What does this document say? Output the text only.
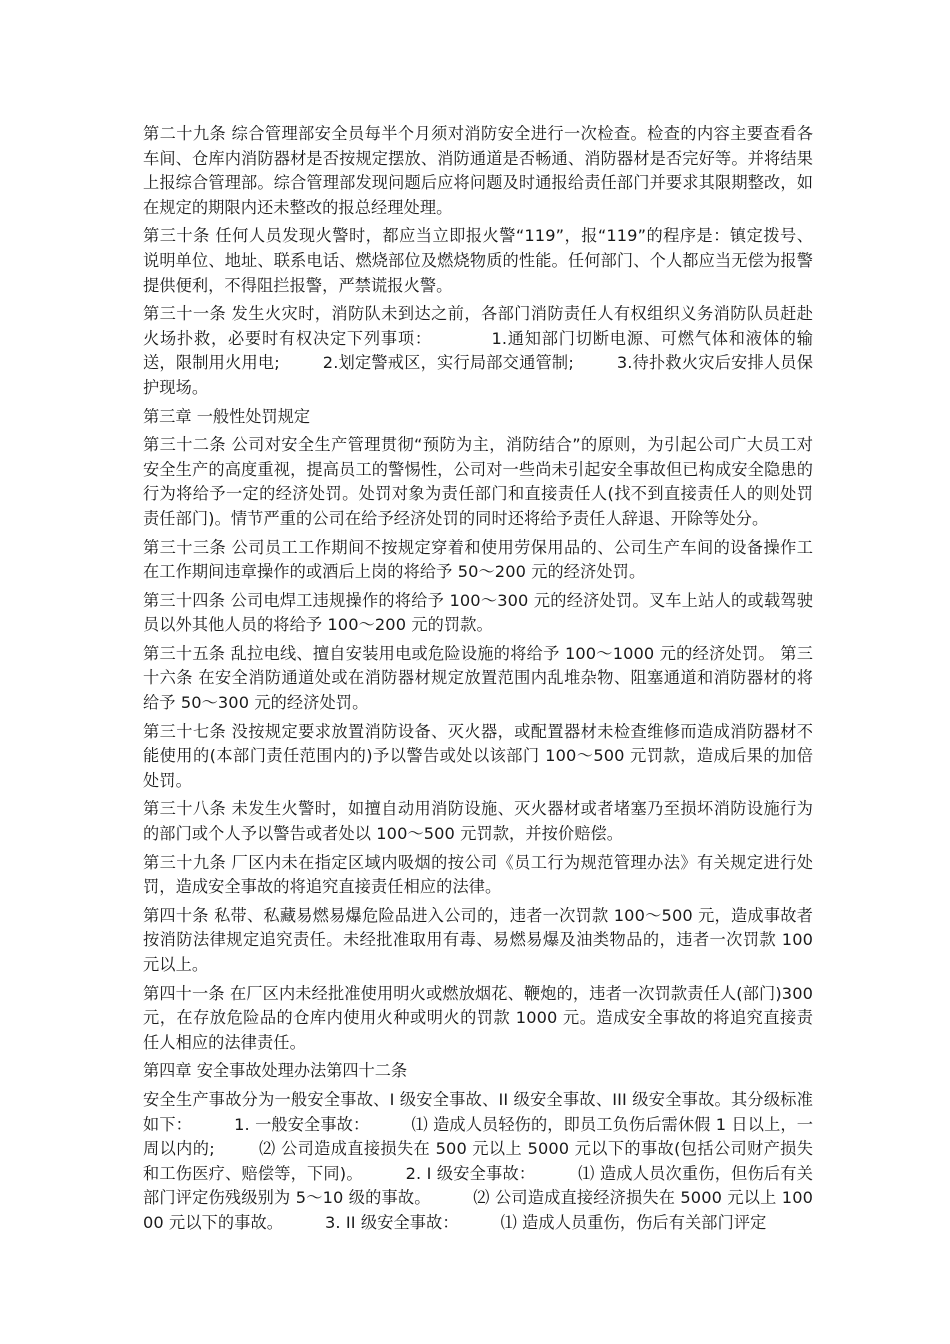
第二十九条 综合管理部安全员每半个月须对消防安全进行一次检查。检查的内容主要查看各车间、仓库内消防器材是否按规定摆放、消防通道是否畅通、消防器材是否完好等。并将结果上报综合管理部。综合管理部发现问题后应将问题及时通报给责任部门并要求其限期整改，如在规定的期限内还未整改的报总经理处理。

第三十条 任何人员发现火警时，都应当立即报火警“119”，报“119”的程序是：镇定拨号、说明单位、地址、联系电话、燃烧部位及燃烧物质的性能。任何部门、个人都应当无偿为报警提供便利，不得阻拦报警，严禁谎报火警。

第三十一条 发生火灾时，消防队未到达之前，各部门消防责任人有权组织义务消防队员赶赴火场扑救，必要时有权决定下列事项：          1.通知部门切断电源、可燃气体和液体的输送，限制用火用电;        2.划定警戒区，实行局部交通管制;        3.待扑救火灾后安排人员保护现场。

第三章 一般性处罚规定

第三十二条 公司对安全生产管理贯彻“预防为主，消防结合”的原则，为引起公司广大员工对安全生产的高度重视，提高员工的警惕性，公司对一些尚未引起安全事故但已构成安全隐患的行为将给予一定的经济处罚。处罚对象为责任部门和直接责任人(找不到直接责任人的则处罚责任部门)。情节严重的公司在给予经济处罚的同时还将给予责任人辞退、开除等处分。

第三十三条 公司员工工作期间不按规定穿着和使用劳保用品的、公司生产车间的设备操作工在工作期间违章操作的或酒后上岗的将给予 50～200 元的经济处罚。

第三十四条 公司电焊工违规操作的将给予 100～300 元的经济处罚。叉车上站人的或载驾驶员以外其他人员的将给予 100～200 元的罚款。

第三十五条 乱拉电线、擅自安装用电或危险设施的将给予 100～1000 元的经济处罚。 第三十六条 在安全消防通道处或在消防器材规定放置范围内乱堆杂物、阻塞通道和消防器材的将给予 50～300 元的经济处罚。

第三十七条 没按规定要求放置消防设备、灭火器，或配置器材未检查维修而造成消防器材不能使用的(本部门责任范围内的)予以警告或处以该部门 100～500 元罚款，造成后果的加倍处罚。

第三十八条 未发生火警时，如擅自动用消防设施、灭火器材或者堵塞乃至损坏消防设施行为的部门或个人予以警告或者处以 100～500 元罚款，并按价赔偿。

第三十九条 厂区内未在指定区域内吸烟的按公司《员工行为规范管理办法》有关规定进行处罚，造成安全事故的将追究直接责任相应的法律。

第四十条 私带、私藏易燃易爆危险品进入公司的，违者一次罚款 100～500 元，造成事故者按消防法律规定追究责任。未经批准取用有毒、易燃易爆及油类物品的，违者一次罚款 100 元以上。

第四十一条 在厂区内未经批准使用明火或燃放烟花、鞭炮的，违者一次罚款责任人(部门)300 元，在存放危险品的仓库内使用火种或明火的罚款 1000 元。造成安全事故的将追究直接责任人相应的法律责任。

第四章 安全事故处理办法第四十二条

安全生产事故分为一般安全事故、I 级安全事故、II 级安全事故、III 级安全事故。其分级标准如下：        1. 一般安全事故：        ⑴ 造成人员轻伤的，即员工负伤后需休假 1 日以上，一周以内的;        ⑵ 公司造成直接损失在 500 元以上 5000 元以下的事故(包括公司财产损失和工伤医疗、赔偿等，下同)。        2. I 级安全事故：        ⑴ 造成人员次重伤，但伤后有关部门评定伤残级别为 5～10 级的事故。        ⑵ 公司造成直接经济损失在 5000 元以上 10000 元以下的事故。        3. II 级安全事故：        ⑴ 造成人员重伤，伤后有关部门评定
